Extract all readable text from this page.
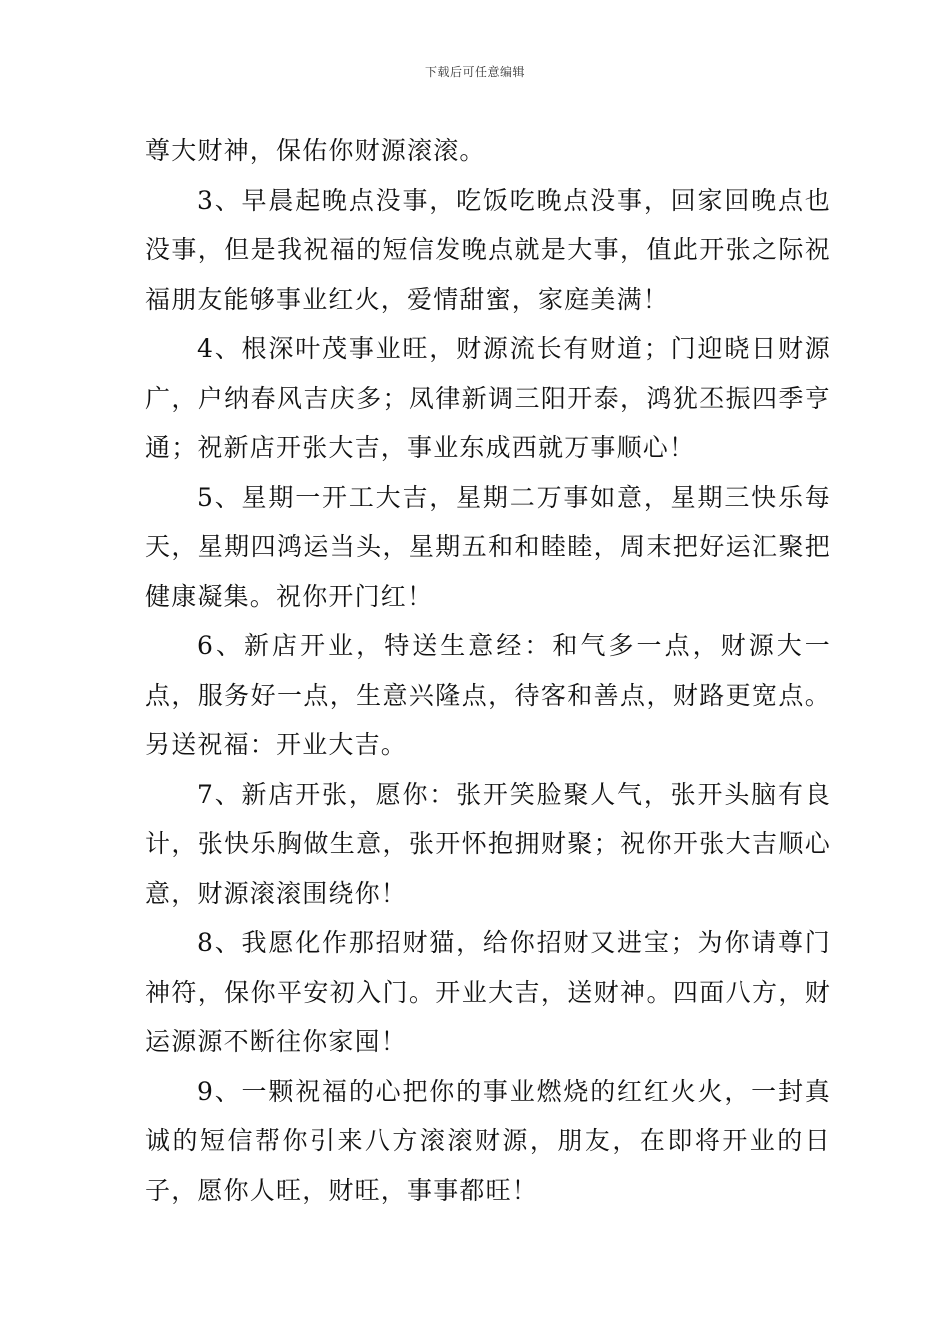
下载后可任意编辑

尊大财神，保佑你财源滚滚。

3、早晨起晚点没事，吃饭吃晚点没事，回家回晚点也没事，但是我祝福的短信发晚点就是大事，值此开张之际祝福朋友能够事业红火，爱情甜蜜，家庭美满！

4、根深叶茂事业旺，财源流长有财道；门迎晓日财源广，户纳春风吉庆多；凤律新调三阳开泰，鸿犹丕振四季亨通；祝新店开张大吉，事业东成西就万事顺心！

5、星期一开工大吉，星期二万事如意，星期三快乐每天，星期四鸿运当头，星期五和和睦睦，周末把好运汇聚把健康凝集。祝你开门红！

6、新店开业，特送生意经：和气多一点，财源大一点，服务好一点，生意兴隆点，待客和善点，财路更宽点。另送祝福：开业大吉。

7、新店开张，愿你：张开笑脸聚人气，张开头脑有良计，张快乐胸做生意，张开怀抱拥财聚；祝你开张大吉顺心意，财源滚滚围绕你！

8、我愿化作那招财猫，给你招财又进宝；为你请尊门神符，保你平安初入门。开业大吉，送财神。四面八方，财运源源不断往你家囤！

9、一颗祝福的心把你的事业燃烧的红红火火，一封真诚的短信帮你引来八方滚滚财源，朋友，在即将开业的日子，愿你人旺，财旺，事事都旺！
